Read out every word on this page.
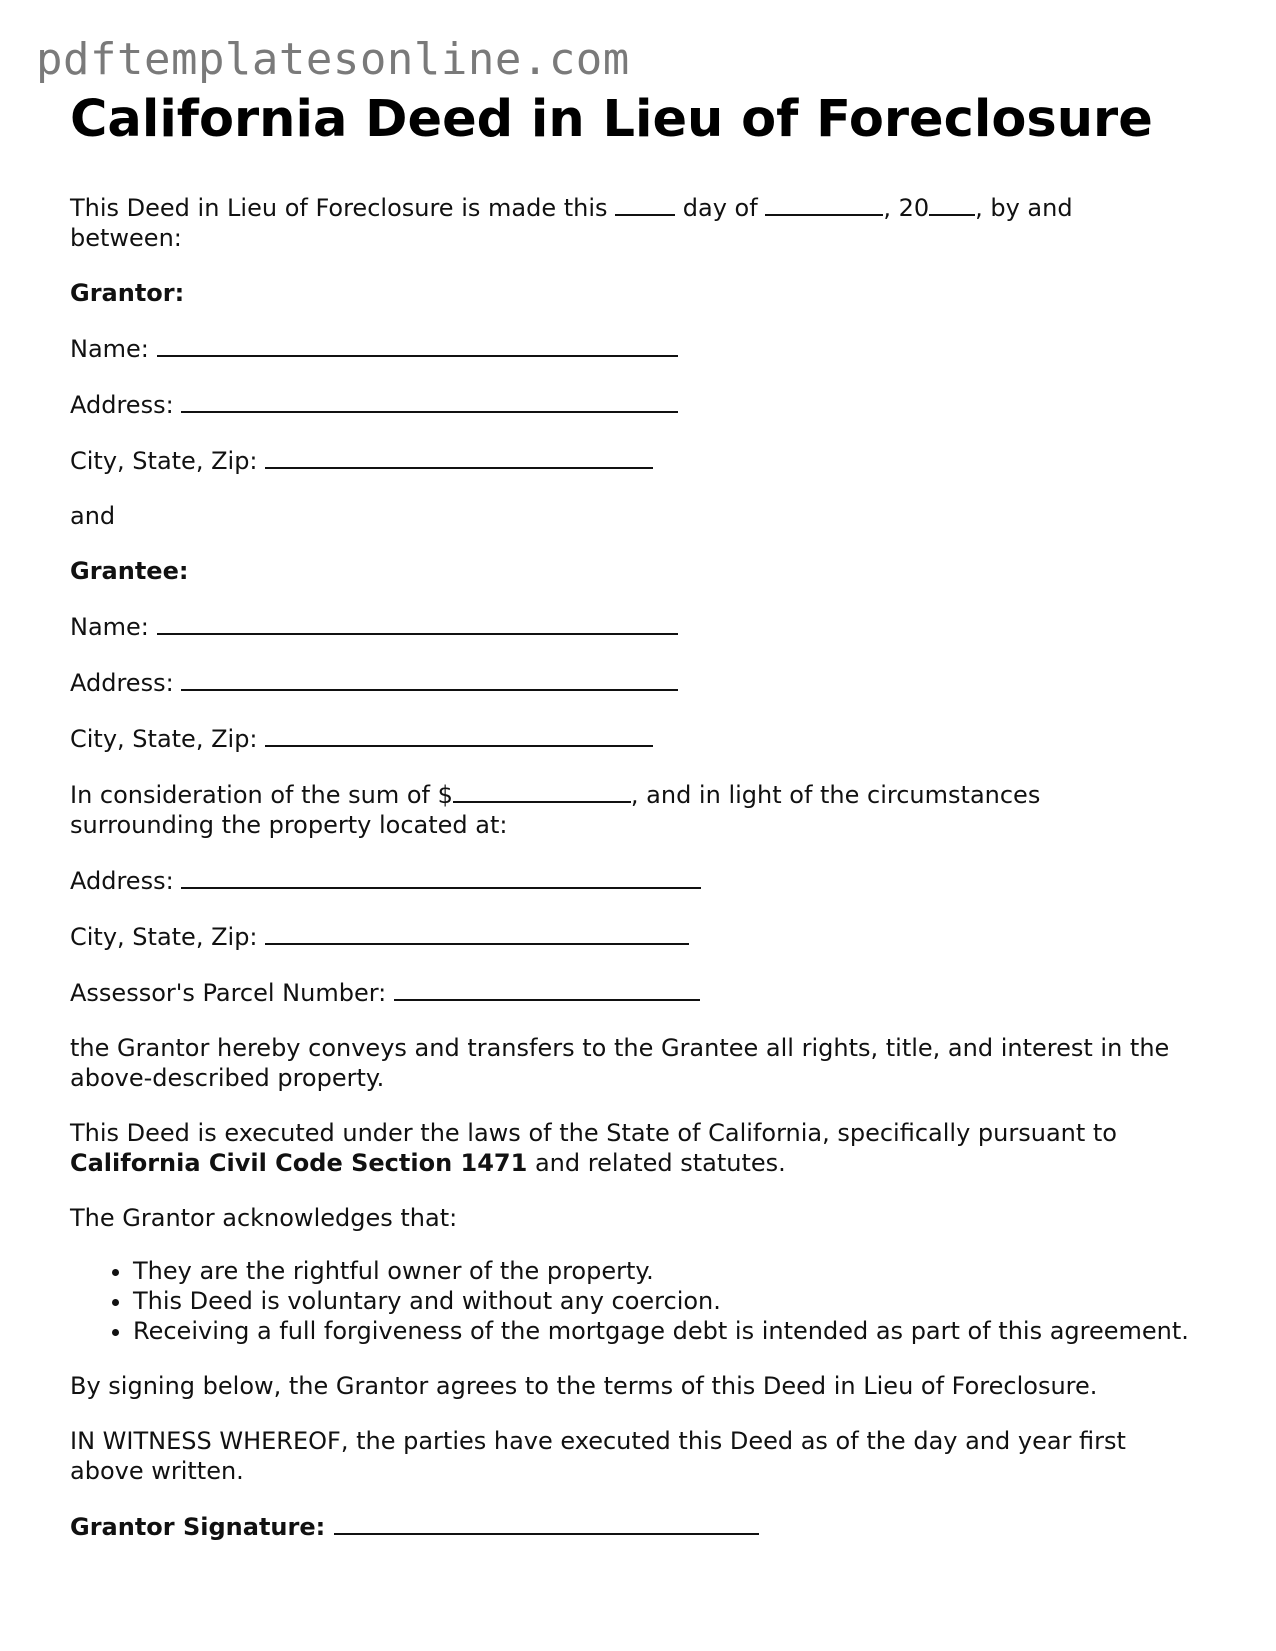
pdftemplatesonline.com
California Deed in Lieu of Foreclosure

This Deed in Lieu of Foreclosure is made this	day of	, 20 , by and between:

Grantor:

Name:

Address:

City, State, Zip:

and

Grantee:

Name:

Address:

City, State, Zip:

In consideration of the sum of $	, and in light of the circumstances surrounding the property located at:

Address:

City, State, Zip:

Assessor's Parcel Number:

the Grantor hereby conveys and transfers to the Grantee all rights, title, and interest in the above-described property.

This Deed is executed under the laws of the State of California, specifically pursuant to California Civil Code Section 1471 and related statutes.

The Grantor acknowledges that:

• They are the rightful owner of the property.
• This Deed is voluntary and without any coercion.
• Receiving a full forgiveness of the mortgage debt is intended as part of this agreement.

By signing below, the Grantor agrees to the terms of this Deed in Lieu of Foreclosure.

IN WITNESS WHEREOF, the parties have executed this Deed as of the day and year first above written.

Grantor Signature:
